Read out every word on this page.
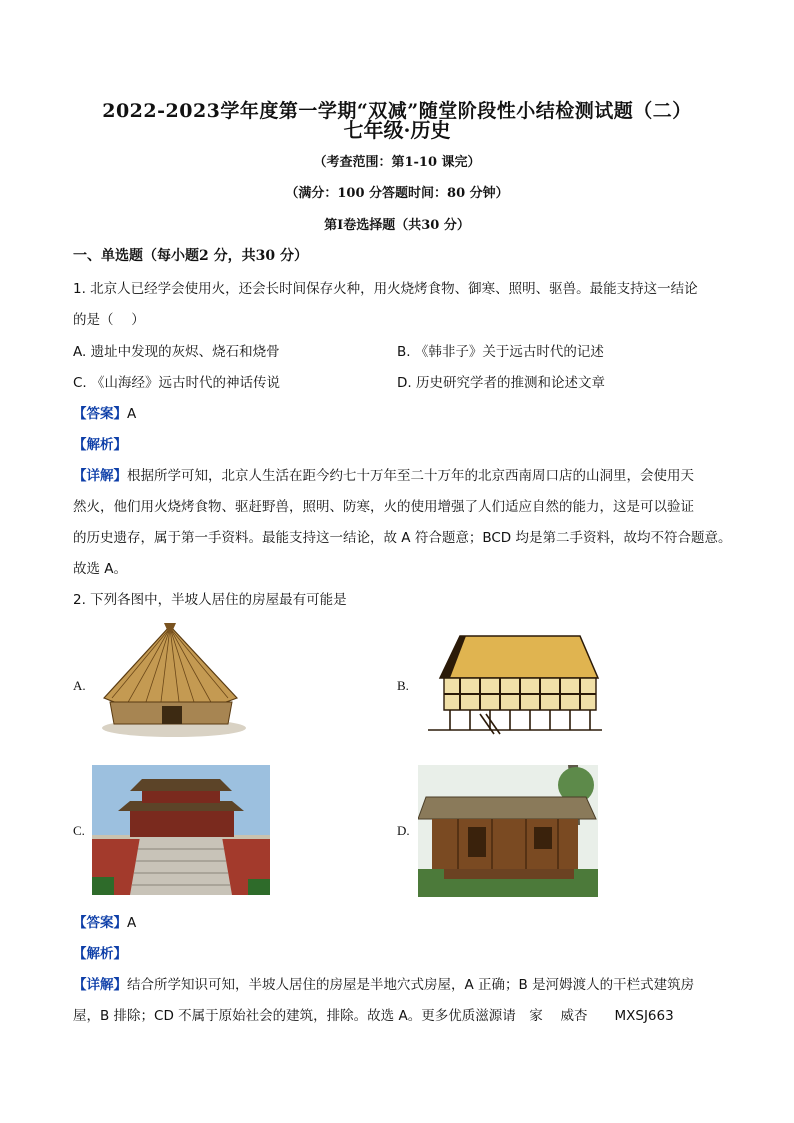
2022-2023学年度第一学期“双减”随堂阶段性小结检测试题（二）
七年级·历史
（考查范围：第1-10 课完）
（满分：100 分答题时间：80 分钟）
第Ⅰ卷选择题（共30 分）
一、单选题（每小题2 分，共30 分）
1. 北京人已经学会使用火，还会长时间保存火种，用火烧烤食物、御寒、照明、驱兽。最能支持这一结论
的是（　 ）
A. 遗址中发现的灰烬、烧石和烧骨	B. 《韩非子》关于远古时代的记述
C. 《山海经》远古时代的神话传说	D. 历史研究学者的推测和论述文章
【答案】A
【解析】
【详解】根据所学可知，北京人生活在距今约七十万年至二十万年的北京西南周口店的山洞里，会使用天
然火，他们用火烧烤食物、驱赶野兽，照明、防寒，火的使用增强了人们适应自然的能力，这是可以验证
的历史遗存，属于第一手资料。最能支持这一结论，故 A 符合题意；BCD 均是第二手资料，故均不符合题意。
故选 A。
2. 下列各图中，半坡人居住的房屋最有可能是
A.	B.
C.	D.
【答案】A
【解析】
【详解】结合所学知识可知，半坡人居住的房屋是半地穴式房屋，A 正确；B 是河姆渡人的干栏式建筑房
屋，B 排除；CD 不属于原始社会的建筑，排除。故选 A。更多优质滋源请　家　 威杏　　MXSJ663
